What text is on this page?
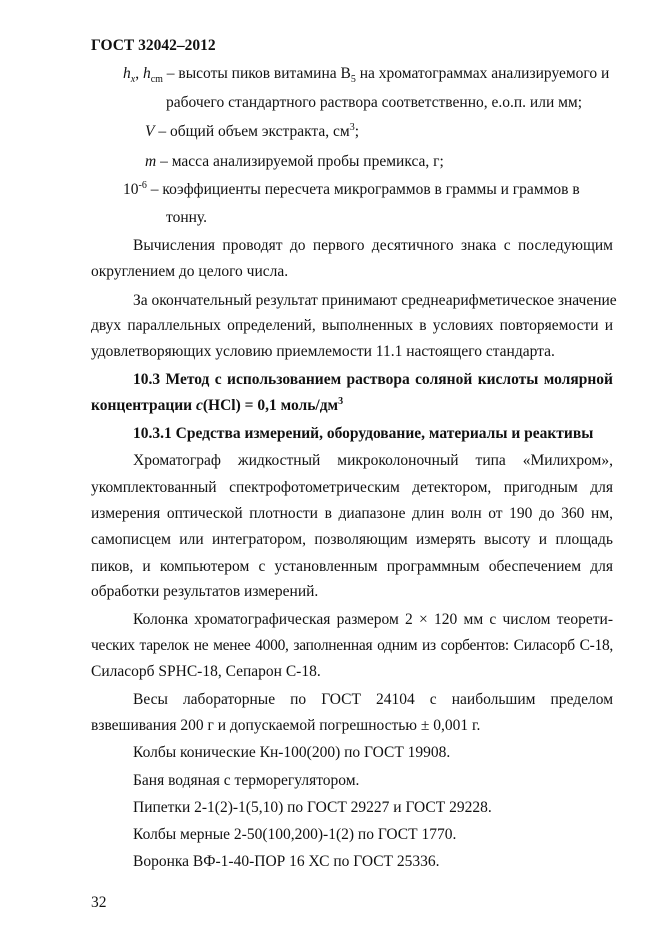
ГОСТ 32042–2012
$h_x$, $h_{cm}$ – высоты пиков витамина $B_5$ на хроматограммах анализируемого и
рабочего стандартного раствора соответственно, е.о.п. или мм;
V – общий объем экстракта, $см^3$;
m – масса анализируемой пробы премикса, г;
$10^{-6}$ – коэффициенты пересчета микрограммов в граммы и граммов в
тонну.
Вычисления проводят до первого десятичного знака с последующим
округлением до целого числа.
За окончательный результат принимают среднеарифметическое значение
двух параллельных определений, выполненных в условиях повторяемости и
удовлетворяющих условию приемлемости 11.1 настоящего стандарта.
10.3 Метод с использованием раствора соляной кислоты молярной
концентрации c(HCl) = 0,1 моль/$дм^3$
10.3.1 Средства измерений, оборудование, материалы и реактивы
Хроматограф жидкостный микроколоночный типа «Милихром»,
укомплектованный спектрофотометрическим детектором, пригодным для
измерения оптической плотности в диапазоне длин волн от 190 до 360 нм,
самописцем или интегратором, позволяющим измерять высоту и площадь
пиков, и компьютером с установленным программным обеспечением для
обработки результатов измерений.
Колонка хроматографическая размером 2 × 120 мм с числом теорети-
ческих тарелок не менее 4000, заполненная одним из сорбентов: Силасорб С-18,
Силасорб SPHC-18, Сепарон С-18.
Весы лабораторные по ГОСТ 24104 с наибольшим пределом
взвешивания 200 г и допускаемой погрешностью ± 0,001 г.
Колбы конические Кн-100(200) по ГОСТ 19908.
Баня водяная с терморегулятором.
Пипетки 2-1(2)-1(5,10) по ГОСТ 29227 и ГОСТ 29228.
Колбы мерные 2-50(100,200)-1(2) по ГОСТ 1770.
Воронка ВФ-1-40-ПОР 16 ХС по ГОСТ 25336.
32
